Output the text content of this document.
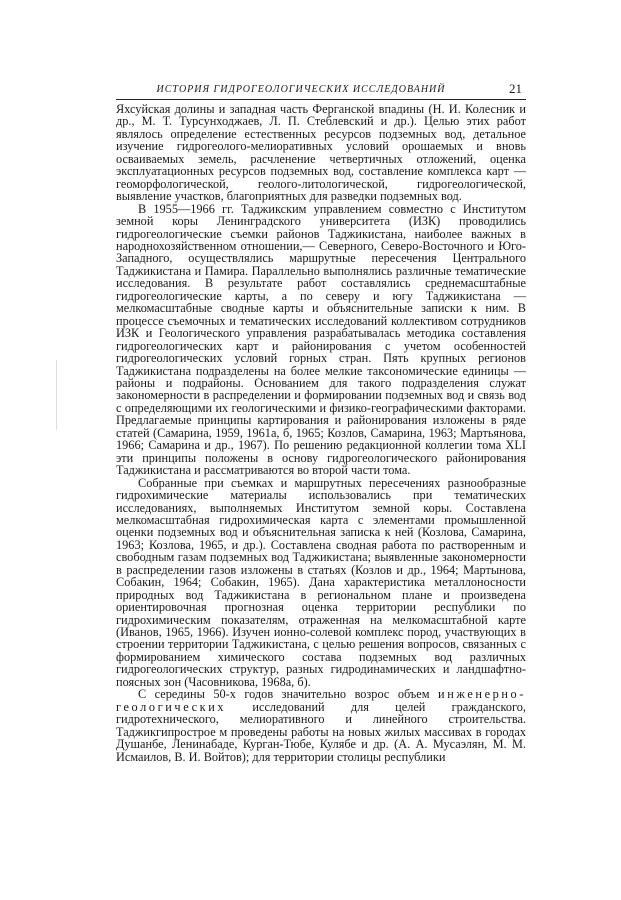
ИСТОРИЯ ГИДРОГЕОЛОГИЧЕСКИХ ИССЛЕДОВАНИЙ	21

Яхсуйская долины и западная часть Ферганской впадины (Н. И. Колесник и др., М. Т. Турсунходжаев, Л. П. Стеблевский и др.). Целью этих работ являлось определение естественных ресурсов подземных вод, детальное изучение гидрогеолого-мелиоративных условий орошаемых и вновь осваиваемых земель, расчленение четвертичных отложений, оценка эксплуатационных ресурсов подземных вод, составление комплекса карт — геоморфологической, геолого-литологической, гидрогеологической, выявление участков, благоприятных для разведки подземных вод.

В 1955—1966 гг. Таджикским управлением совместно с Институтом земной коры Ленинградского университета (ИЗК) проводились гидрогеологические съемки районов Таджикистана, наиболее важных в народнохозяйственном отношении,— Северного, Северо-Восточного и Юго-Западного, осуществлялись маршрутные пересечения Центрального Таджикистана и Памира. Параллельно выполнялись различные тематические исследования. В результате работ составлялись среднемасштабные гидрогеологические карты, а по северу и югу Таджикистана — мелкомасштабные сводные карты и объяснительные записки к ним. В процессе съемочных и тематических исследований коллективом сотрудников ИЗК и Геологического управления разрабатывалась методика составления гидрогеологических карт и районирования с учетом особенностей гидрогеологических условий горных стран. Пять крупных регионов Таджикистана подразделены на более мелкие таксономические единицы — районы и подрайоны. Основанием для такого подразделения служат закономерности в распределении и формировании подземных вод и связь вод с определяющими их геологическими и физико-географическими факторами. Предлагаемые принципы картирования и районирования изложены в ряде статей (Самарина, 1959, 1961а, б, 1965; Козлов, Самарина, 1963; Мартьянова, 1966; Самарина и др., 1967). По решению редакционной коллегии тома XLI эти принципы положены в основу гидрогеологического районирования Таджикистана и рассматриваются во второй части тома.

Собранные при съемках и маршрутных пересечениях разнообразные гидрохимические материалы использовались при тематических исследованиях, выполняемых Институтом земной коры. Составлена мелкомасштабная гидрохимическая карта с элементами промышленной оценки подземных вод и объяснительная записка к ней (Козлова, Самарина, 1963; Козлова, 1965, и др.). Составлена сводная работа по растворенным и свободным газам подземных вод Таджикистана; выявленные закономерности в распределении газов изложены в статьях (Козлов и др., 1964; Мартынова, Собакин, 1964; Собакин, 1965). Дана характеристика металлоносности природных вод Таджикистана в региональном плане и произведена ориентировочная прогнозная оценка территории республики по гидрохимическим показателям, отраженная на мелкомасштабной карте (Иванов, 1965, 1966). Изучен ионно-солевой комплекс пород, участвующих в строении территории Таджикистана, с целью решения вопросов, связанных с формированием химического состава подземных вод различных гидрогеологических структур, разных гидродинамических и ландшафтно-поясных зон (Часовникова, 1968а, б).

С середины 50-х годов значительно возрос объем инженерно-геологических исследований для целей гражданского, гидротехнического, мелиоративного и линейного строительства. Таджикгипрострое м проведены работы на новых жилых массивах в городах Душанбе, Ленинабаде, Курган-Тюбе, Кулябе и др. (А. А. Мусаэлян, М. М. Исмаилов, В. И. Войтов); для территории столицы республики
